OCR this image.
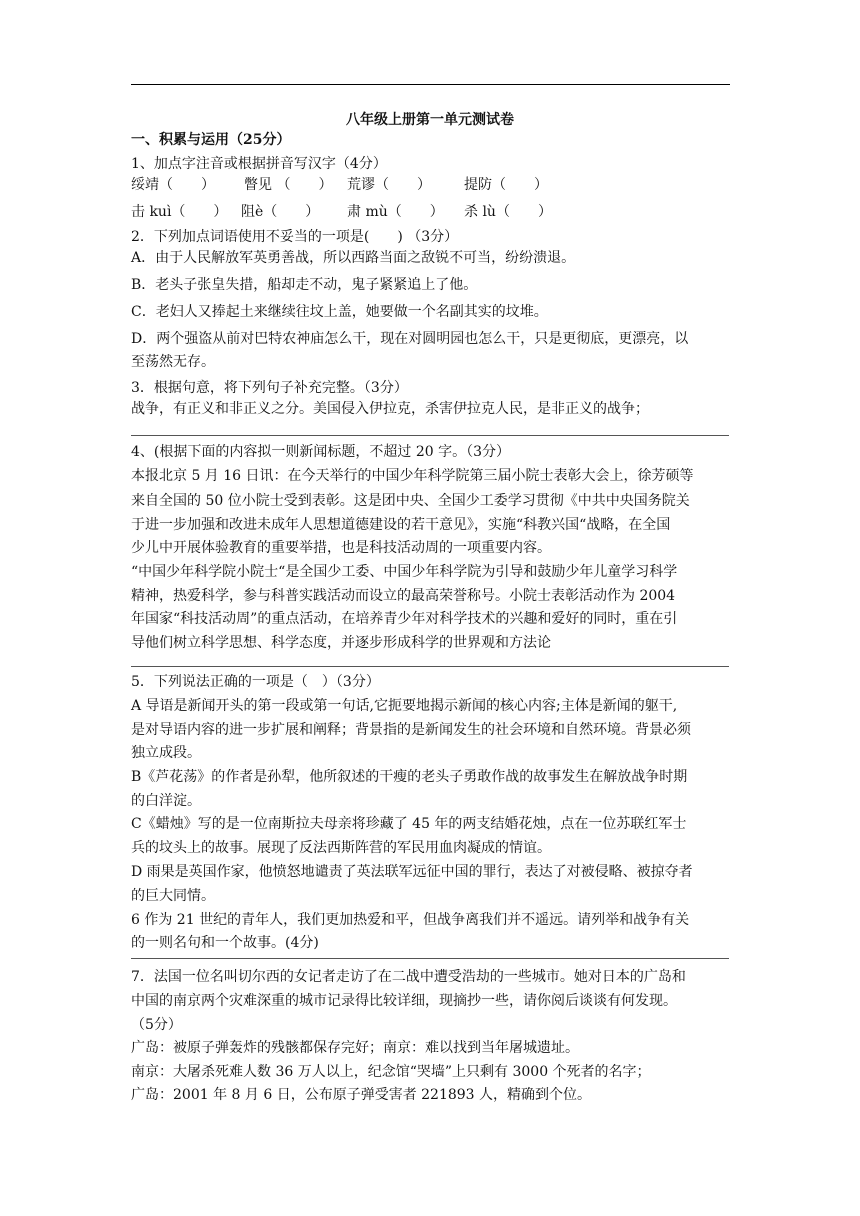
八年级上册第一单元测试卷
一、积累与运用（25分）
1、加点字注音或根据拼音写汉字（4分）
绥靖（　　） 瞥见 （　　） 荒谬（　　） 提防（　　）
击 kuì（　　） 阻è（　　） 肃 mù（　　） 杀 lù（　　）
2．下列加点词语使用不妥当的一项是(　　) （3分）
A．由于人民解放军英勇善战，所以西路当面之敌锐不可当，纷纷溃退。
B．老头子张皇失措，船却走不动，鬼子紧紧追上了他。
C．老妇人又捧起土来继续往坟上盖，她要做一个名副其实的坟堆。
D．两个强盗从前对巴特农神庙怎么干，现在对圆明园也怎么干，只是更彻底，更漂亮，以
至荡然无存。
3．根据句意，将下列句子补充完整。（3分）
战争，有正义和非正义之分。美国侵入伊拉克，杀害伊拉克人民，是非正义的战争；
4、(根据下面的内容拟一则新闻标题，不超过 20 字。（3分）
本报北京 5 月 16 日讯：在今天举行的中国少年科学院第三届小院士表彰大会上，徐芳硕等
来自全国的 50 位小院士受到表彰。这是团中央、全国少工委学习贯彻《中共中央国务院关
于进一步加强和改进未成年人思想道德建设的若干意见》，实施“科教兴国“战略，在全国
少儿中开展体验教育的重要举措，也是科技活动周的一项重要内容。
“中国少年科学院小院士“是全国少工委、中国少年科学院为引导和鼓励少年儿童学习科学
精神，热爱科学，参与科普实践活动而设立的最高荣誉称号。小院士表彰活动作为 2004
年国家“科技活动周”的重点活动，在培养青少年对科学技术的兴趣和爱好的同时，重在引
导他们树立科学思想、科学态度，并逐步形成科学的世界观和方法论
5．下列说法正确的一项是（　）（3分）
A 导语是新闻开头的第一段或第一句话,它扼要地揭示新闻的核心内容;主体是新闻的躯干,
是对导语内容的进一步扩展和阐释；背景指的是新闻发生的社会环境和自然环境。背景必须
独立成段。
B《芦花荡》的作者是孙犁，他所叙述的干瘦的老头子勇敢作战的故事发生在解放战争时期
的白洋淀。
C《蜡烛》写的是一位南斯拉夫母亲将珍藏了 45 年的两支结婚花烛，点在一位苏联红军士
兵的坟头上的故事。展现了反法西斯阵营的军民用血肉凝成的情谊。
D 雨果是英国作家，他愤怒地谴责了英法联军远征中国的罪行，表达了对被侵略、被掠夺者
的巨大同情。
6 作为 21 世纪的青年人，我们更加热爱和平，但战争离我们并不遥远。请列举和战争有关
的一则名句和一个故事。(4分)
7．法国一位名叫切尔西的女记者走访了在二战中遭受浩劫的一些城市。她对日本的广岛和
中国的南京两个灾难深重的城市记录得比较详细，现摘抄一些，请你阅后谈谈有何发现。
（5分）
广岛：被原子弹轰炸的残骸都保存完好；南京：难以找到当年屠城遗址。
南京：大屠杀死难人数 36 万人以上，纪念馆“哭墙”上只剩有 3000 个死者的名字；
广岛：2001 年 8 月 6 日，公布原子弹受害者 221893 人，精确到个位。
